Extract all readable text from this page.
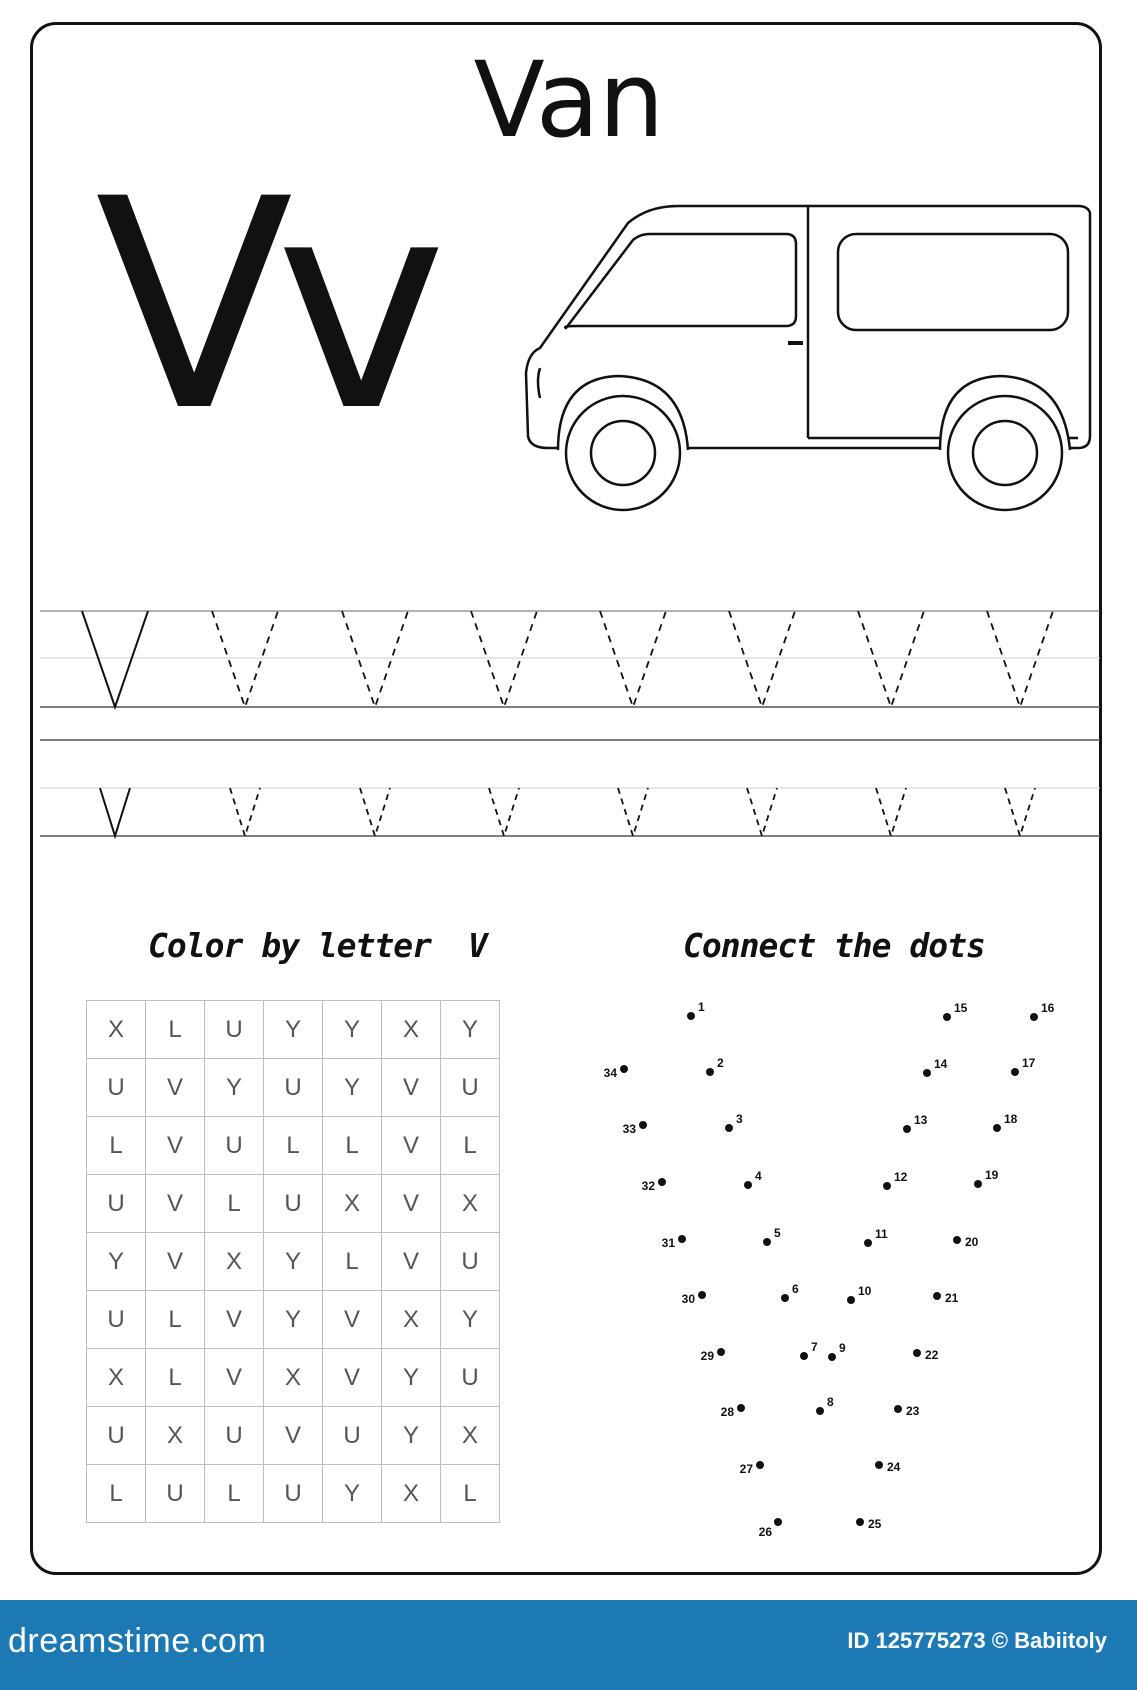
Van
Vv
Color by letter V
X	L	U	Y	Y	X	Y
U	V	Y	U	Y	V	U
L	V	U	L	L	V	L
U	V	L	U	X	V	X
Y	V	X	Y	L	V	U
U	L	V	Y	V	X	Y
X	L	V	X	V	Y	U
U	X	U	V	U	Y	X
L	U	L	U	Y	X	L
Connect the dots
1
2
3
4
5
6
7
8
9
10
11
12
13
14
15	16
17
18
19
20
21
22
23
24
25
26
27
28
29
30
31
32
33
34
dreamstime.com	ID 125775273 © Babiitoly
